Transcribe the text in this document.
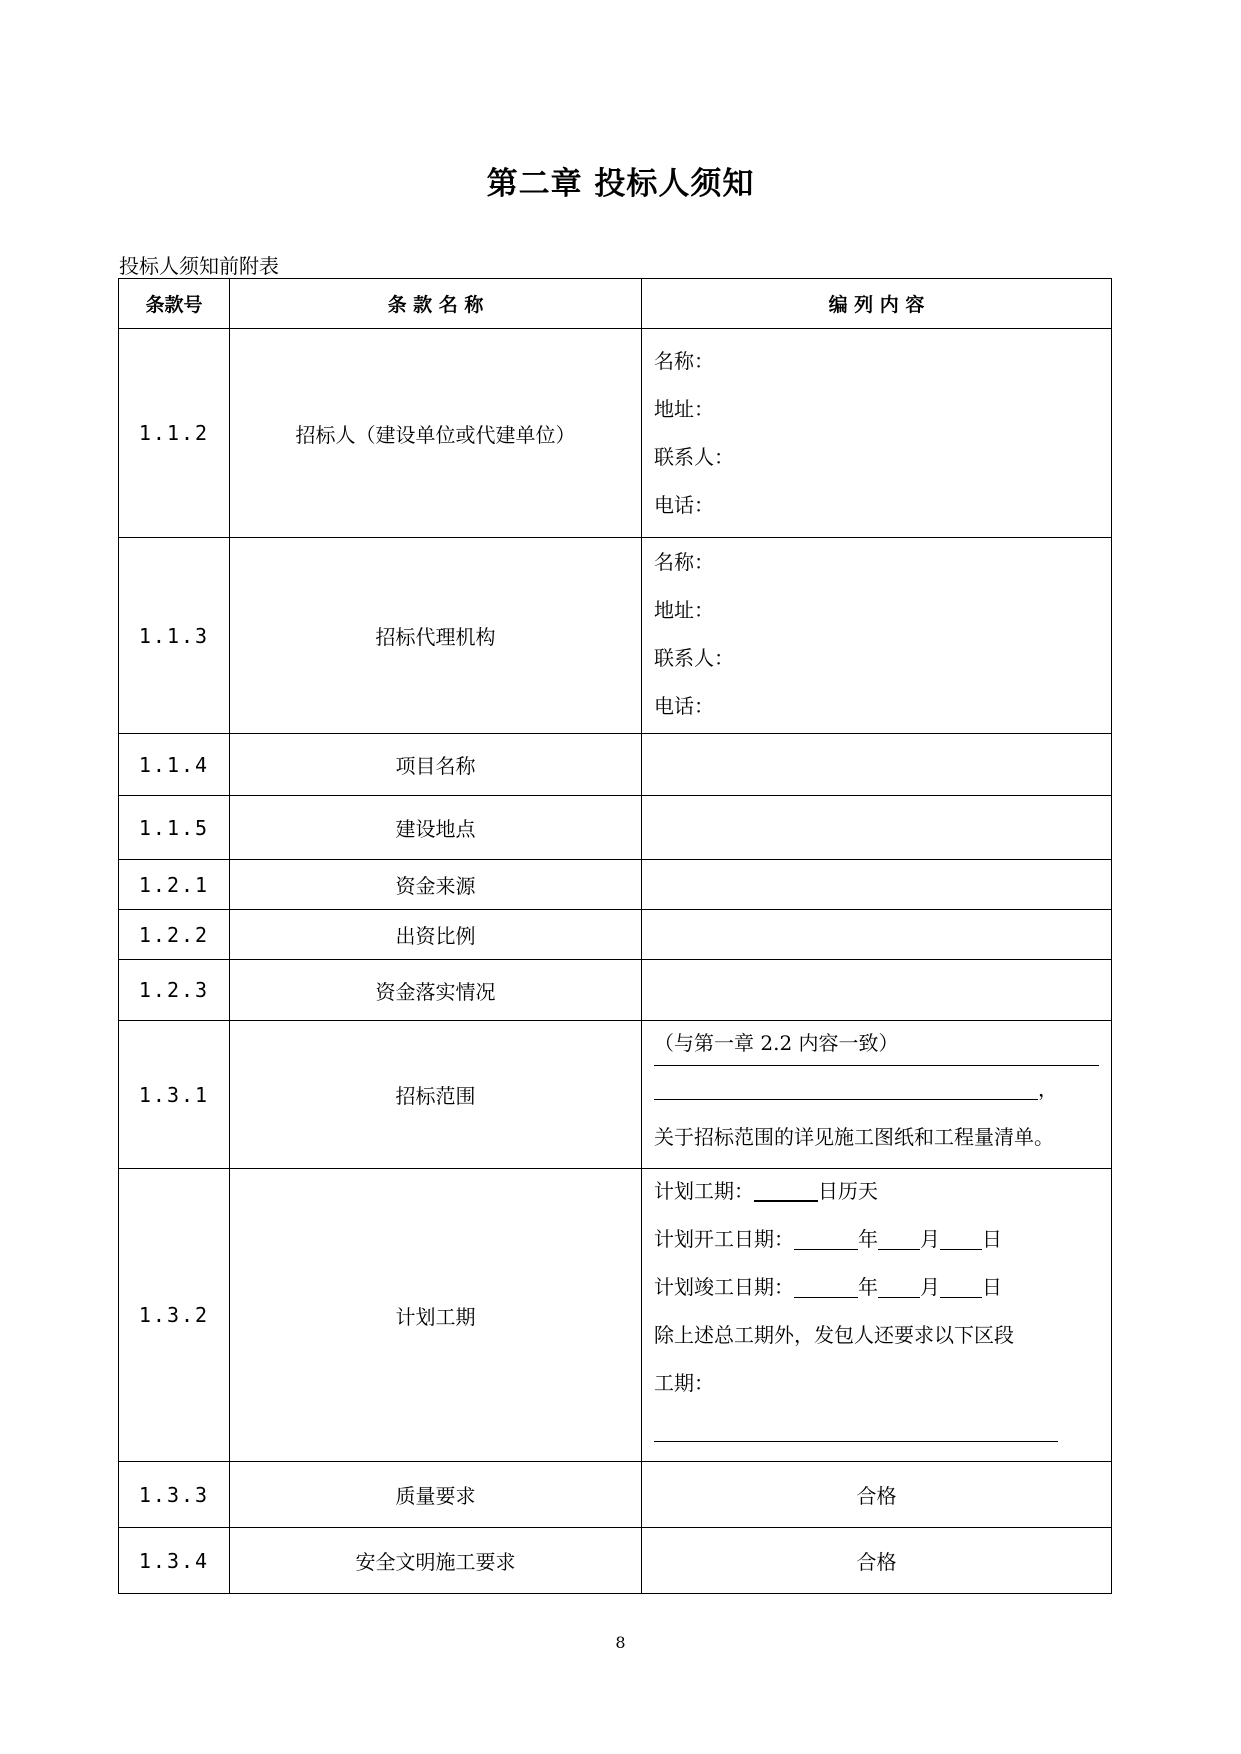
第二章 投标人须知
投标人须知前附表
条款号	条 款 名 称	编 列 内 容
1.1.2	招标人（建设单位或代建单位）	名称：
地址：
联系人：
电话：

1.1.3	招标代理机构	名称：
地址：
联系人：
电话：

1.1.4	项目名称	
1.1.5	建设地点	
1.2.1	资金来源	
1.2.2	出资比例	
1.2.3	资金落实情况	
1.3.1	招标范围	（与第一章 2.2 内容一致）
，
关于招标范围的详见施工图纸和工程量清单。

1.3.2	计划工期	计划工期： 日历天
计划开工日期： 年 月 日
计划竣工日期： 年 月 日
除上述总工期外，发包人还要求以下区段
工期：

1.3.3	质量要求	合格
1.3.4	安全文明施工要求	合格
8
